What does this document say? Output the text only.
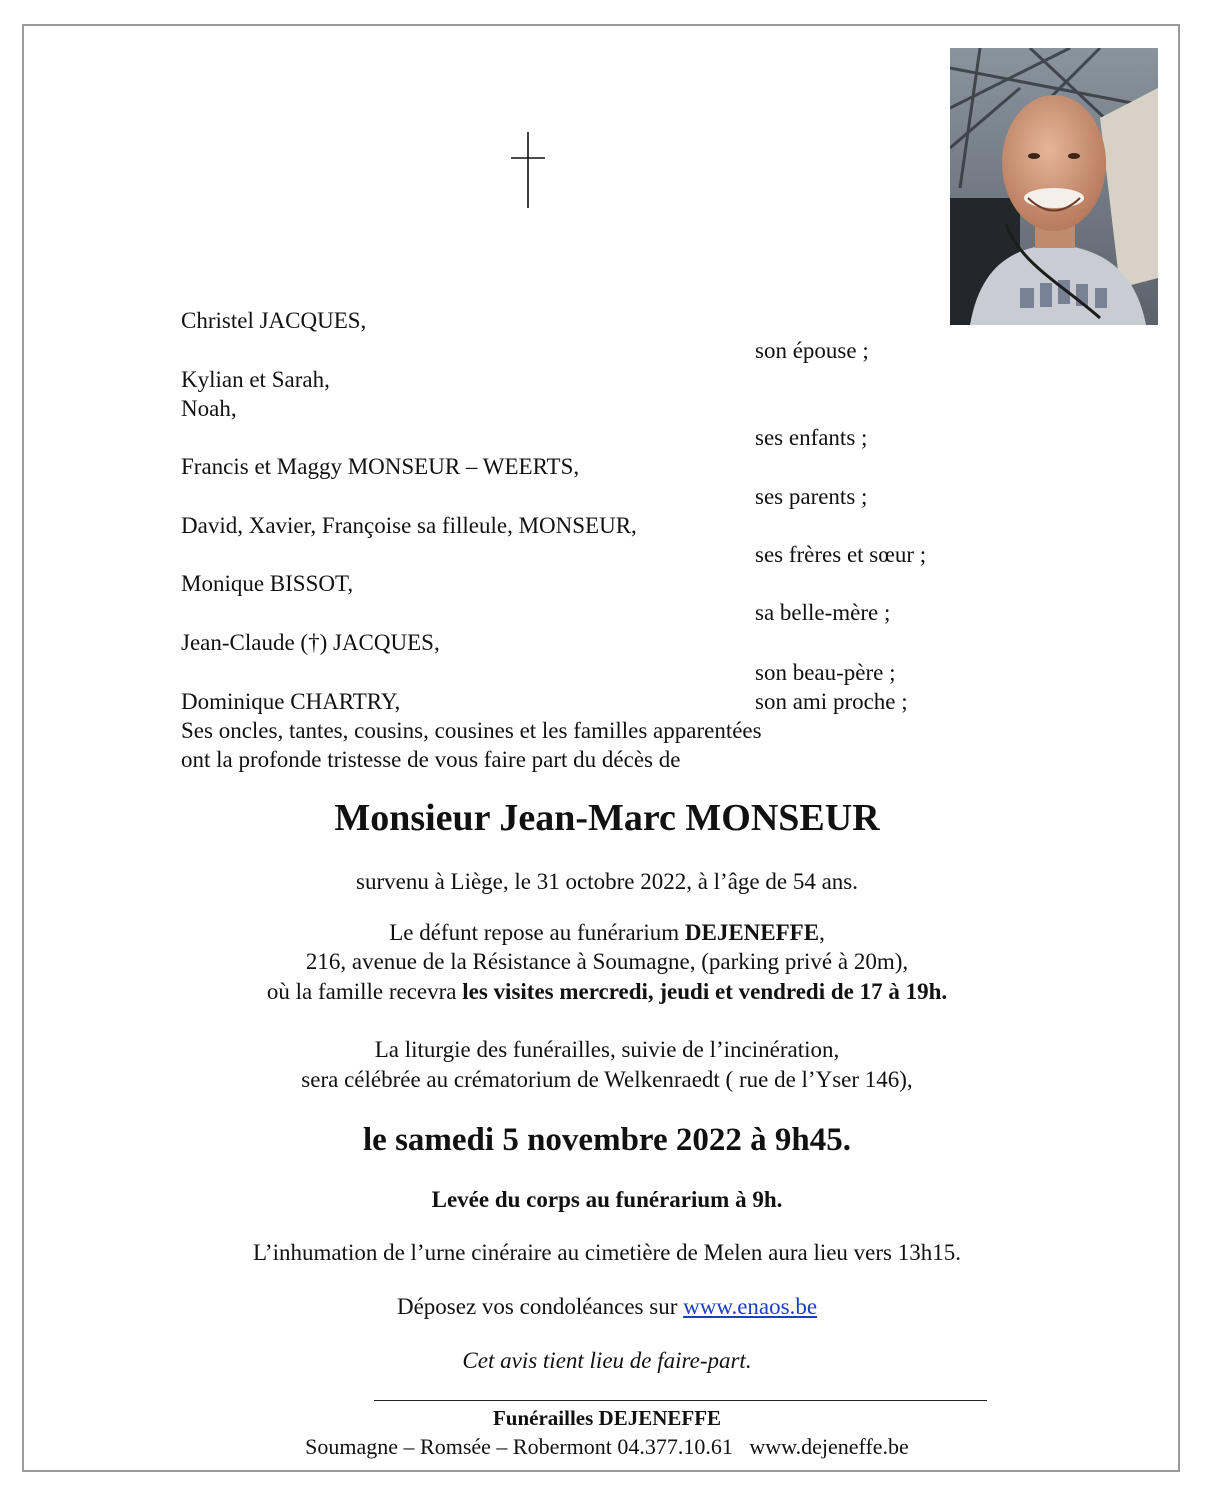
Christel JACQUES,
son épouse ;
Kylian et Sarah,
Noah,
ses enfants ;
Francis et Maggy MONSEUR – WEERTS,
ses parents ;
David, Xavier, Françoise sa filleule, MONSEUR,
ses frères et sœur ;
Monique BISSOT,
sa belle-mère ;
Jean-Claude (†) JACQUES,
son beau-père ;
Dominique CHARTRY,	son ami proche ;
Ses oncles, tantes, cousins, cousines et les familles apparentées
ont la profonde tristesse de vous faire part du décès de
Monsieur Jean-Marc MONSEUR
survenu à Liège, le 31 octobre 2022, à l’âge de 54 ans.
Le défunt repose au funérarium DEJENEFFE,
216, avenue de la Résistance à Soumagne, (parking privé à 20m),
où la famille recevra les visites mercredi, jeudi et vendredi de 17 à 19h.
La liturgie des funérailles, suivie de l’incinération,
sera célébrée au crématorium de Welkenraedt ( rue de l’Yser 146),
le samedi 5 novembre 2022 à 9h45.
Levée du corps au funérarium à 9h.
L’inhumation de l’urne cinéraire au cimetière de Melen aura lieu vers 13h15.
Déposez vos condoléances sur www.enaos.be
Cet avis tient lieu de faire-part.
Funérailles DEJENEFFE
Soumagne – Romsée – Robermont 04.377.10.61   www.dejeneffe.be
